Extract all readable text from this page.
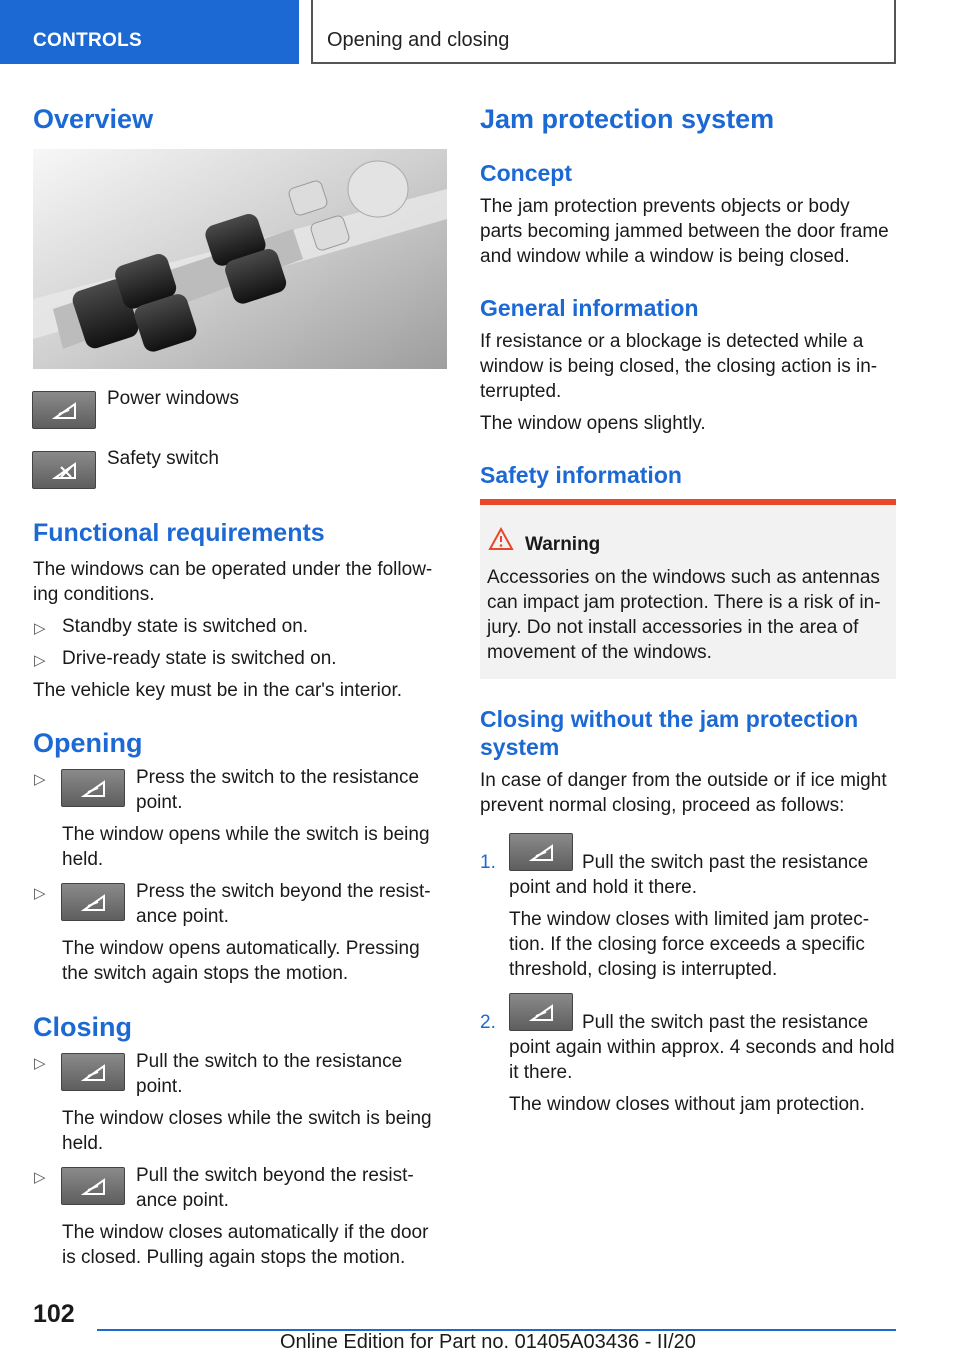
CONTROLS	Opening and closing
Overview
Power windows
Safety switch
Functional requirements
The windows can be operated under the follow-
ing conditions.
▷ Standby state is switched on.
▷ Drive-ready state is switched on.
The vehicle key must be in the car's interior.
Opening
▷	Press the switch to the resistance
point.
The window opens while the switch is being
held.
▷	Press the switch beyond the resist-
ance point.
The window opens automatically. Pressing
the switch again stops the motion.
Closing
▷	Pull the switch to the resistance
point.
The window closes while the switch is being
held.
▷	Pull the switch beyond the resist-
ance point.
The window closes automatically if the door
is closed. Pulling again stops the motion.
Jam protection system
Concept
The jam protection prevents objects or body
parts becoming jammed between the door frame
and window while a window is being closed.
General information
If resistance or a blockage is detected while a
window is being closed, the closing action is in-
terrupted.
The window opens slightly.
Safety information
Warning
Accessories on the windows such as antennas
can impact jam protection. There is a risk of in-
jury. Do not install accessories in the area of
movement of the windows.
Closing without the jam protection
system
In case of danger from the outside or if ice might
prevent normal closing, proceed as follows:
1.	Pull the switch past the resistance
point and hold it there.
The window closes with limited jam protec-
tion. If the closing force exceeds a specific
threshold, closing is interrupted.
2.	Pull the switch past the resistance
point again within approx. 4 seconds and hold
it there.
The window closes without jam protection.
102
Online Edition for Part no. 01405A03436 - II/20
